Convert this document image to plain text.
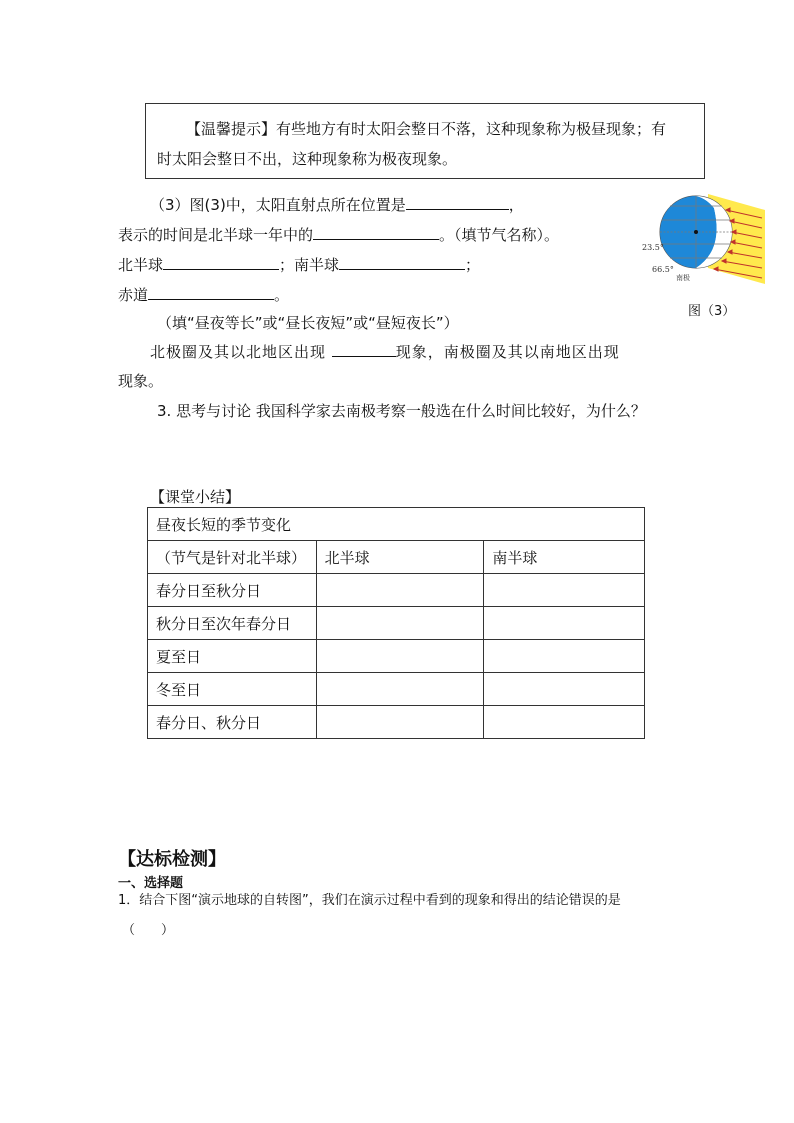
【温馨提示】有些地方有时太阳会整日不落，这种现象称为极昼现象；有
时太阳会整日不出，这种现象称为极夜现象。
（3）图(3)中，太阳直射点所在位置是	，
表示的时间是北半球一年中的	。（填节气名称）。
北半球	；南半球	；
赤道	。
（填“昼夜等长”或“昼长夜短”或“昼短夜长”）
北极圈及其以北地区出现	现象，南极圈及其以南地区出现
现象。
3. 思考与讨论 我国科学家去南极考察一般选在什么时间比较好，为什么？
23.5°
66.5°
南极
图（3）
【课堂小结】
昼夜长短的季节变化		
（节气是针对北半球）	北半球	南半球
春分日至秋分日		
秋分日至次年春分日		
夏至日		
冬至日		
春分日、秋分日		
【达标检测】
一、选择题
1．结合下图“演示地球的自转图”，我们在演示过程中看到的现象和得出的结论错误的是
（　　）
